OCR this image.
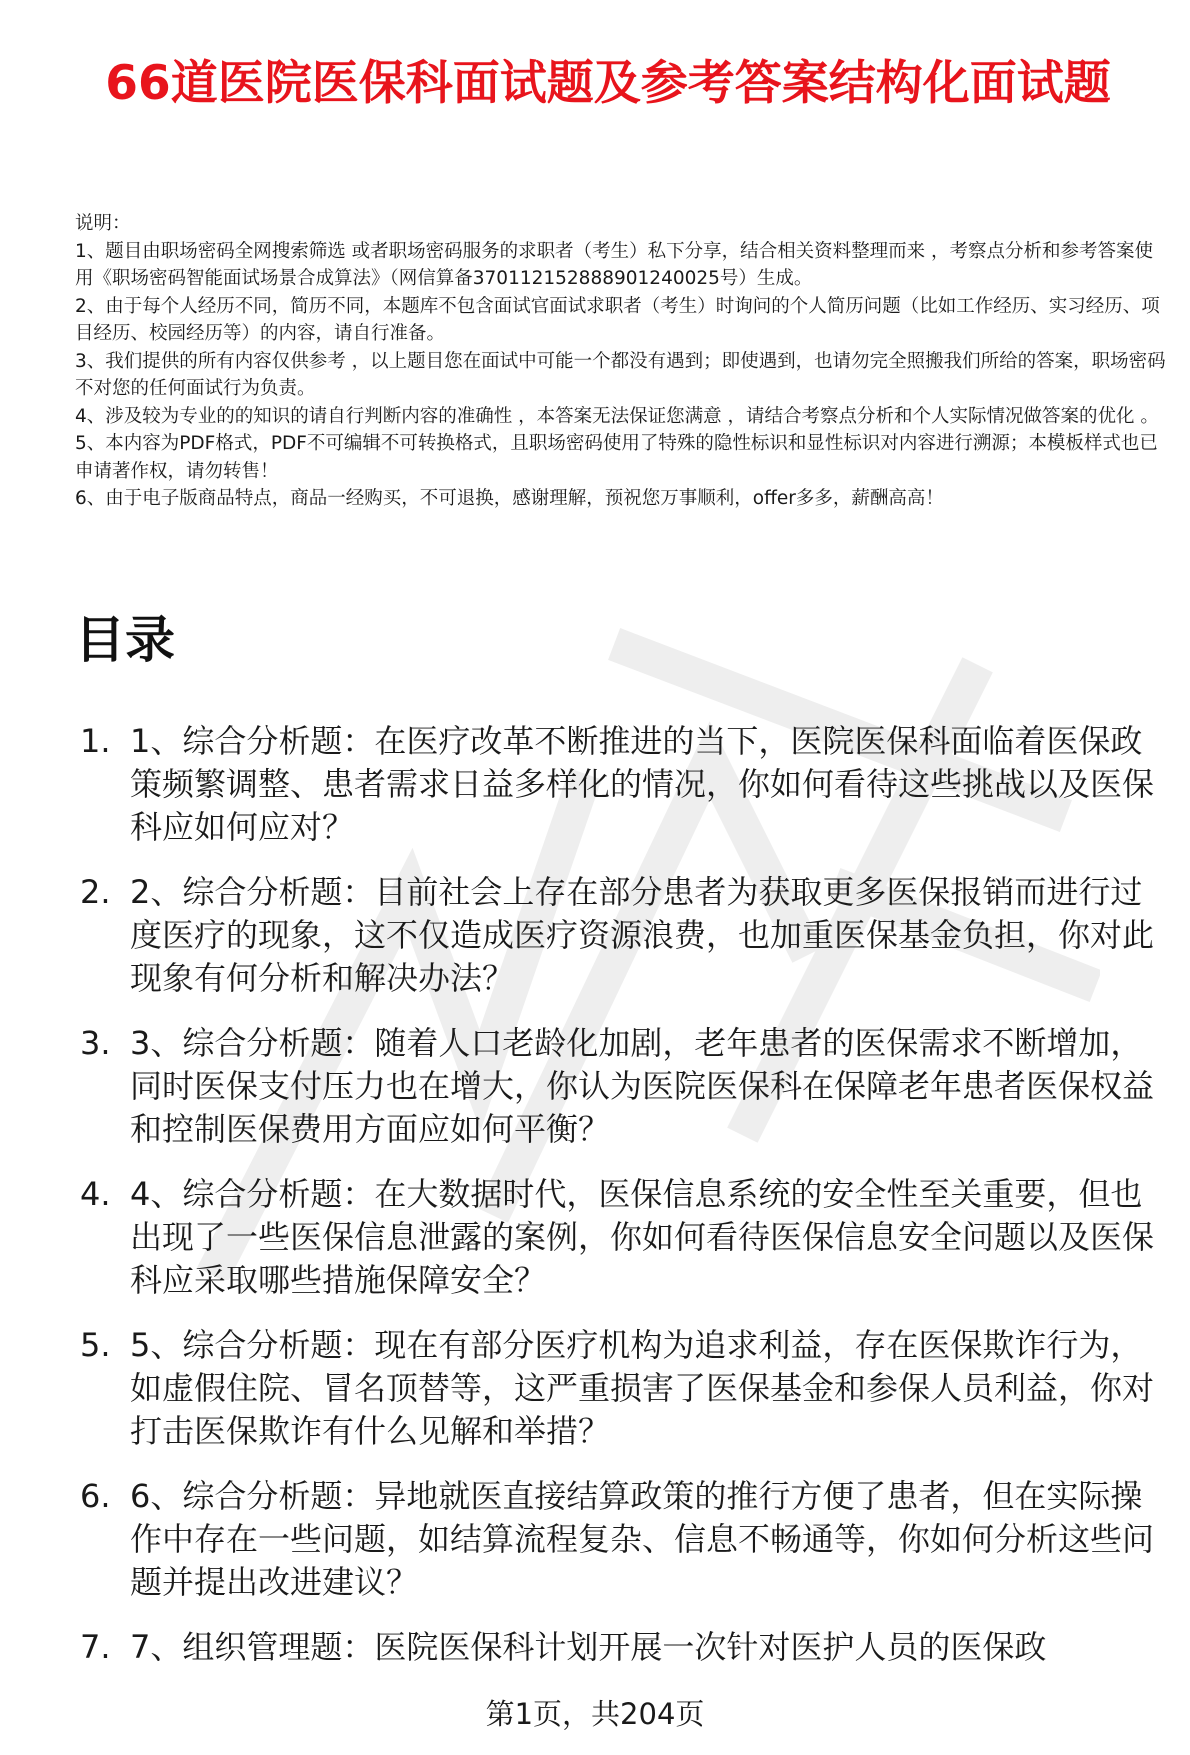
66道医院医保科面试题及参考答案结构化面试题

说明：

1、题目由职场密码全网搜索筛选 或者职场密码服务的求职者（考生）私下分享，结合相关资料整理而来 ，考察点分析和参考答案使用《职场密码智能面试场景合成算法》（网信算备370112152888901240025号）生成。

2、由于每个人经历不同，简历不同，本题库不包含面试官面试求职者（考生）时询问的个人简历问题（比如工作经历、实习经历、项目经历、校园经历等）的内容，请自行准备。

3、我们提供的所有内容仅供参考 ，以上题目您在面试中可能一个都没有遇到；即使遇到，也请勿完全照搬我们所给的答案，职场密码不对您的任何面试行为负责。

4、涉及较为专业的的知识的请自行判断内容的准确性 ，本答案无法保证您满意 ，请结合考察点分析和个人实际情况做答案的优化 。

5、本内容为PDF格式，PDF不可编辑不可转换格式，且职场密码使用了特殊的隐性标识和显性标识对内容进行溯源；本模板样式也已申请著作权，请勿转售！

6、由于电子版商品特点，商品一经购买，不可退换，感谢理解，预祝您万事顺利，offer多多，薪酬高高！

目录
1. 1、综合分析题：在医疗改革不断推进的当下，医院医保科面临着医保政策频繁调整、患者需求日益多样化的情况，你如何看待这些挑战以及医保科应如何应对？
2. 2、综合分析题：目前社会上存在部分患者为获取更多医保报销而进行过度医疗的现象，这不仅造成医疗资源浪费，也加重医保基金负担，你对此现象有何分析和解决办法？
3. 3、综合分析题：随着人口老龄化加剧，老年患者的医保需求不断增加，同时医保支付压力也在增大，你认为医院医保科在保障老年患者医保权益和控制医保费用方面应如何平衡？
4. 4、综合分析题：在大数据时代，医保信息系统的安全性至关重要，但也出现了一些医保信息泄露的案例，你如何看待医保信息安全问题以及医保科应采取哪些措施保障安全？
5. 5、综合分析题：现在有部分医疗机构为追求利益，存在医保欺诈行为，如虚假住院、冒名顶替等，这严重损害了医保基金和参保人员利益，你对打击医保欺诈有什么见解和举措？
6. 6、综合分析题：异地就医直接结算政策的推行方便了患者，但在实际操作中存在一些问题，如结算流程复杂、信息不畅通等，你如何分析这些问题并提出改进建议？
7. 7、组织管理题：医院医保科计划开展一次针对医护人员的医保政
第1页，共204页
